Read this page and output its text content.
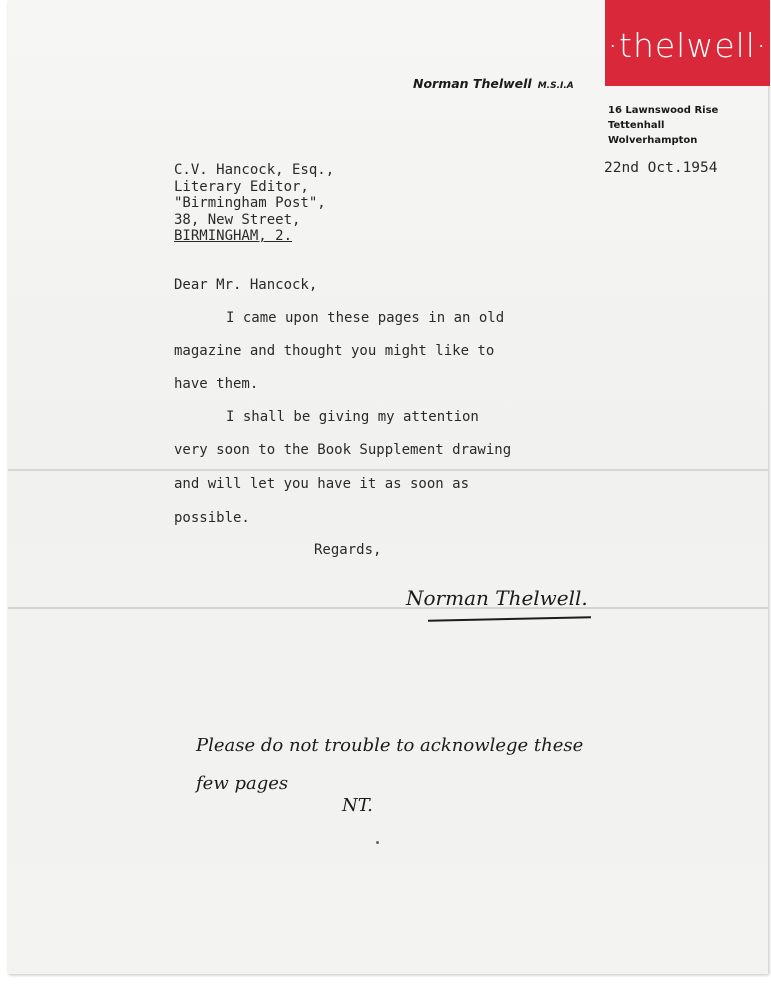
·thelwell·
Norman Thelwell M.S.I.A
16 Lawnswood Rise
Tettenhall
Wolverhampton
22nd Oct.1954
C.V. Hancock, Esq.,
Literary Editor,
"Birmingham Post",
38, New Street,
BIRMINGHAM, 2.
Dear Mr. Hancock,
I came upon these pages in an old
magazine and thought you might like to
have them.
I shall be giving my attention
very soon to the Book Supplement drawing
and will let you have it as soon as
possible.
Regards,
Norman Thelwell.
Please do not trouble to acknowlege these
few pages
NT.
